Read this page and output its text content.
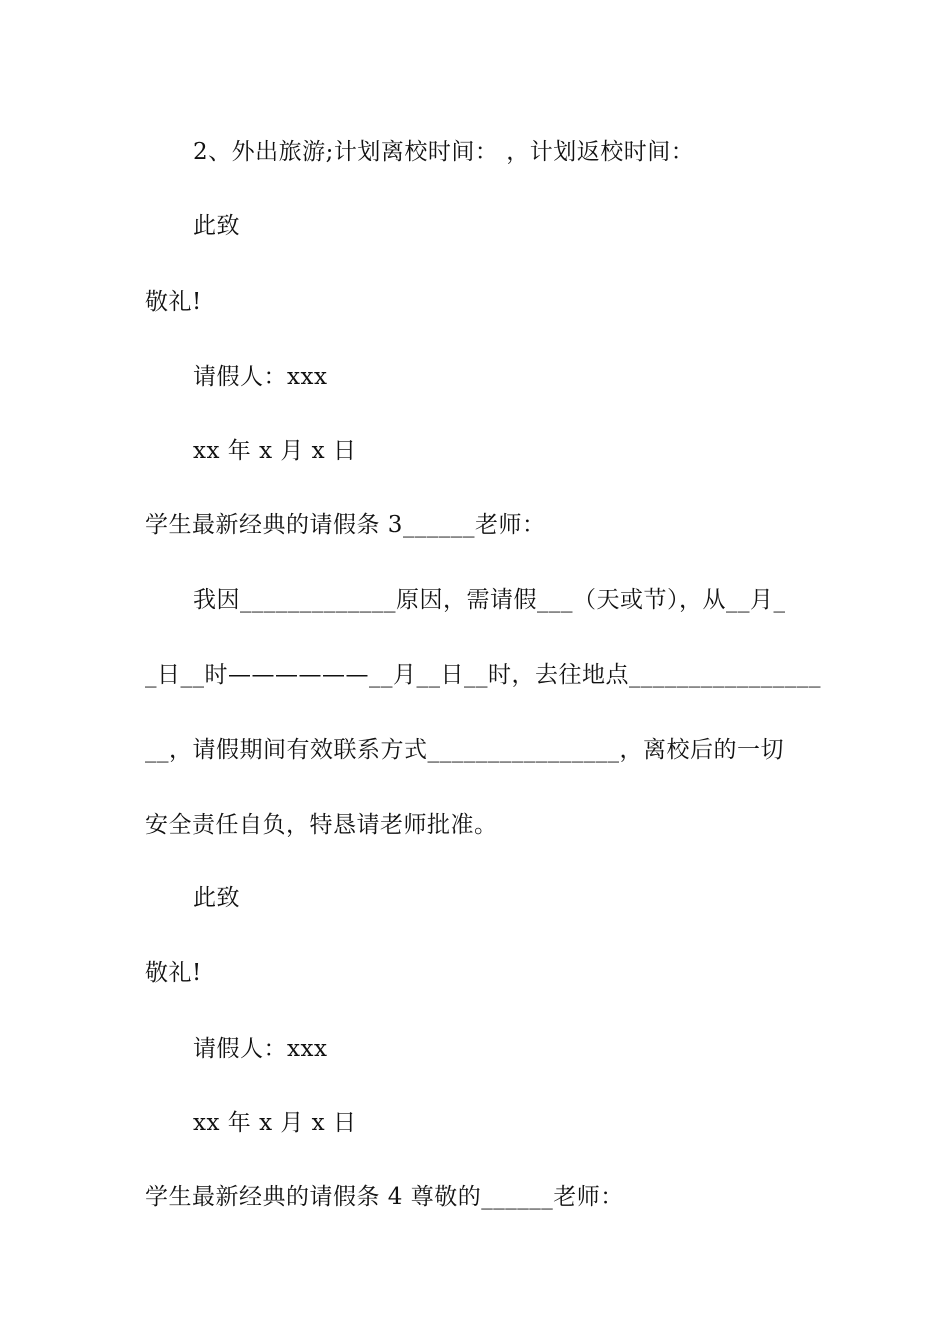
2、外出旅游;计划离校时间： ，计划返校时间：
此致
敬礼!
请假人：xxx
xx 年 x 月 x 日
学生最新经典的请假条 3______老师：
我因_____________原因，需请假___（天或节），从__月_
_日__时——————__月__日__时，去往地点________________
__，请假期间有效联系方式________________，离校后的一切
安全责任自负，特恳请老师批准。
此致
敬礼!
请假人：xxx
xx 年 x 月 x 日
学生最新经典的请假条 4 尊敬的______老师：
